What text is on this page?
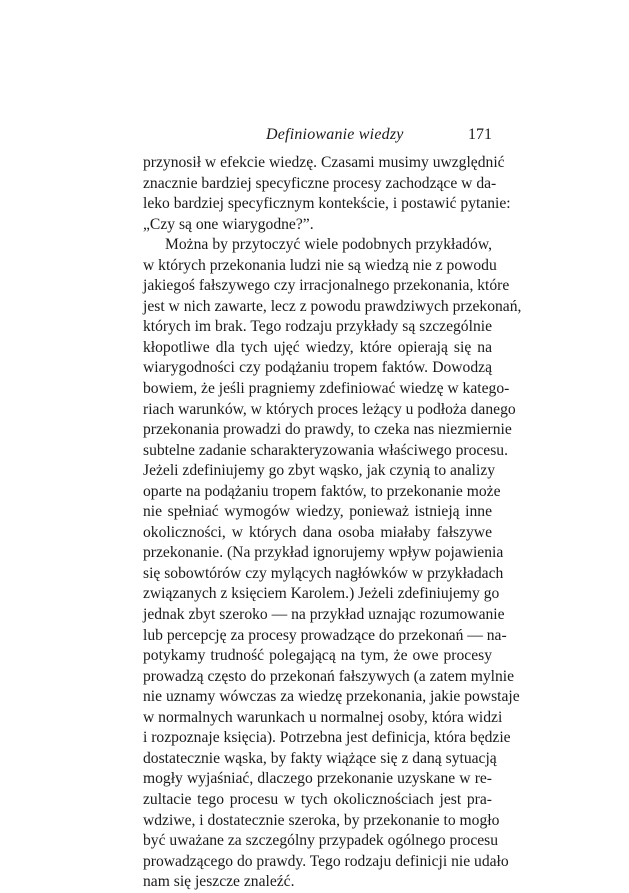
Definiowanie wiedzy	171
przynosił w efekcie wiedzę. Czasami musimy uwzględnić
znacznie bardziej specyficzne procesy zachodzące w da-
leko bardziej specyficznym kontekście, i postawić pytanie:
„Czy są one wiarygodne?”.
Można by przytoczyć wiele podobnych przykładów,
w których przekonania ludzi nie są wiedzą nie z powodu
jakiegoś fałszywego czy irracjonalnego przekonania, które
jest w nich zawarte, lecz z powodu prawdziwych przekonań,
których im brak. Tego rodzaju przykłady są szczególnie
kłopotliwe dla tych ujęć wiedzy, które opierają się na
wiarygodności czy podążaniu tropem faktów. Dowodzą
bowiem, że jeśli pragniemy zdefiniować wiedzę w katego-
riach warunków, w których proces leżący u podłoża danego
przekonania prowadzi do prawdy, to czeka nas niezmiernie
subtelne zadanie scharakteryzowania właściwego procesu.
Jeżeli zdefiniujemy go zbyt wąsko, jak czynią to analizy
oparte na podążaniu tropem faktów, to przekonanie może
nie spełniać wymogów wiedzy, ponieważ istnieją inne
okoliczności, w których dana osoba miałaby fałszywe
przekonanie. (Na przykład ignorujemy wpływ pojawienia
się sobowtórów czy mylących nagłówków w przykładach
związanych z księciem Karolem.) Jeżeli zdefiniujemy go
jednak zbyt szeroko — na przykład uznając rozumowanie
lub percepcję za procesy prowadzące do przekonań — na-
potykamy trudność polegającą na tym, że owe procesy
prowadzą często do przekonań fałszywych (a zatem mylnie
nie uznamy wówczas za wiedzę przekonania, jakie powstaje
w normalnych warunkach u normalnej osoby, która widzi
i rozpoznaje księcia). Potrzebna jest definicja, która będzie
dostatecznie wąska, by fakty wiążące się z daną sytuacją
mogły wyjaśniać, dlaczego przekonanie uzyskane w re-
zultacie tego procesu w tych okolicznościach jest pra-
wdziwe, i dostatecznie szeroka, by przekonanie to mogło
być uważane za szczególny przypadek ogólnego procesu
prowadzącego do prawdy. Tego rodzaju definicji nie udało
nam się jeszcze znaleźć.
